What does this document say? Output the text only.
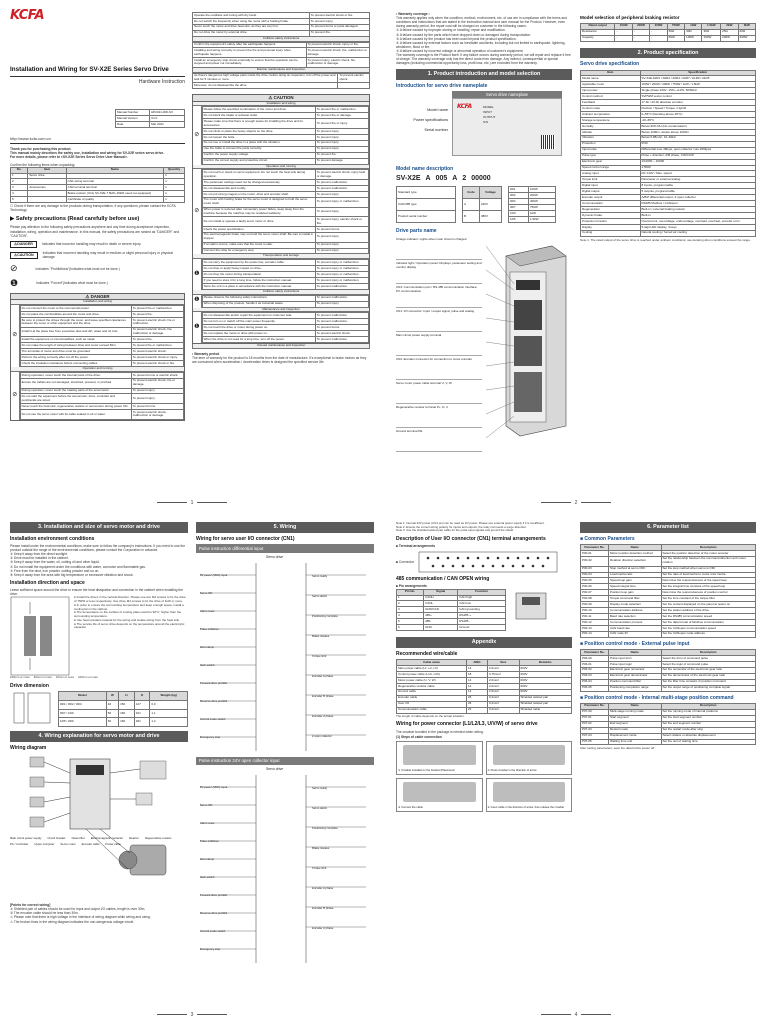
KCFA
Installation and Wiring for SV-X2E Series Servo Drive
Hardware Instruction
Manual Number	HP2021-000-SV
Manual Version	V1.0
Date	Mar 2021
http://www.kcfa.com.cn
Thank you for purchasing this product.
This manual mainly describes the safety use, installation and wiring for SV-X2E series servo drive.
For more details, please refer to <SV-X2E Series Servo Drive User Manual>.
Confirm the following items when unpacking:
No.	Item	Name	Quantity
1	Servo drive		1
2		CN1 wiring terminal	1
3	Accessories	CN2 terminal terminal	1
4		Brake resistor (Only SV-X2E 7.5kW~15kW need not equipped)	1
5		Certificate of quality	1
☐ Check if there are any damage to the products during transportation, if any questions, please contact the KCFA Technology.
▶ Safety precautions (Read carefully before use)
Please pay attention to the following safety precautions anywhere and any time during acceptance inspection, installation, wiring, operation and maintenance. In this manual, the safety precautions are ranked as "DANGER" and "CAUTION".
⚠DANGER	Indicates that incorrect handling may result in death or severe injury.
⚠CAUTION	Indicates that incorrect handling may result in medium or slight personal injury or physical damage.
⊘	Indicates "Prohibitions"(Indicates what must not be done.)
❶	Indicates "Forced"(Indicates what must be done.)
⚠ DANGER
Installation and wiring
⊘
Do not connect the motor to the commercial power.	To prevent fire or malfunction.
Do not place the combustibles around the motor and drive.	To prevent fire.
Be sure to protect the drives through the cover, and leave specified clearances between the cover or other equipment and the drive.	To prevent electric shock, fire or malfunction.
Install it at the place free from excessive dust and dirt, water and oil mist.	To prevent electric shock, fire, malfunction or damage.
Install the equipment on incombustibles, such as metal.	To prevent fire.
Do not make the length of wiring between drive and motor exceed 50m.	To prevent fire or malfunction.
The terminals of motor and drive must be grounded.	To prevent electric shock.
Perform the wiring correctly after cut off the power.	To prevent electric shock or injury.
Check the insulation resistance before connecting cables.	To prevent electric shock or fire.
Operation and running
⊘
During operation, never touch the internal parts of the drive.	To prevent burns or electric shock.
Ensure the cables are not damaged, stretched, pressed, or pinched.	To prevent electric shock, fire or damage.
During operation, never touch the rotating parts of the servomotor.	To prevent injury.
Do not start the equipment before the servomotor, drive, controller and peripherals are wired.	To prevent injury.
Never touch the heat sink, regenerative resistor or servomotor during power ON.	To prevent burns.
Do not use the servo motor with its cable soaked in oil or water.	To prevent electric shock, malfunction or damage.
Operate the oscillator and tuning with dry hand.	To prevent electric shock or fire.
Do not switch the frequently when using the motor with a holding brake.	To prevent injury.
Never touch the motor and drive heat sink, as they are very hot.	To prevent burns or parts damaged.
Do not drive the motor by external drive.	To prevent fire.
Collision safety instructions
Confirm the equipment's safety after the earthquake happens.	To prevent electric shock, injury or fire.
Installing and wiring correctly to prevent the fire and personal injury when earthquake happens.	To prevent electric shock, fire, malfunction or damage.
Install an emergency stop circuit externally to ensure that the operation can be stopped and power cut immediately.	To prevent injury, electric shock, fire, malfunction or damage.
Routine maintenance and inspection
As there's dangerous high voltage parts inside the drive, before doing an inspection, turn off the power and wait for 5 minutes or more.	To prevent electric shock.
Moreover, do not disassemble the drive.	
⚠ CAUTION
Installation and wiring
⊘
Please follow the specified combination of the motor and drive.	To prevent fire or malfunction.
Do not block the intake or exhaust outlet.	To prevent fire or damage.
Please make sure that there is enough space for installing the drive and its accessories.	To prevent fire or injury.
Do not climb or place the heavy objects on the drive.	To prevent injury.
Do not loosen the bolts.	To prevent injury.
Do not use or install the drive in a place with the vibration.	To prevent injury.
Use the cable to connect the parts correctly.	To prevent injury.
Confirm the power supply voltage.	To prevent fire.
Confirm the correct supply and protective circuit.	To prevent damage.
Operation and running
⊘
Do not touch or stand on servo equipment. Do not touch the heat sink during operation.	To prevent electric shock, injury fault or damage.
The parameter settings need not be changed excessively.	To prevent malfunction.
Do not disassemble and modify.	To prevent malfunction.
Do not put strong magnet on the motor, drive and encoder shaft.	To prevent injury.
The motor with holding brake for the servo motor is designed to hold the servo motor shaft.	To prevent injury or malfunction.
When power is restored after momentary power failure, keep away from the machine because the machine may be restarted suddenly.	To prevent injury.
Do not install or operate a faulty servo motor or drive.	To prevent injury, electric shock or fire.
Check the power specification.	To prevent burns.
The electromagnetic brake may not hold the servo motor shaft. Be sure to install a stopper.	To prevent injury.
If an alarm occurs, make sure that the motor is safe.	To prevent injury.
Connect the relay for emergency stop.	To prevent injury.
Transportation and storage
❶
Do not carry the equipment by the power line, encoder cable.	To prevent injury or malfunction.
Do not drop or apply heavy impact on drive.	To prevent injury or malfunction.
Do not drop the motor during transportation.	To prevent injury or malfunction.
If you need to store it for a long time, follow the instruction manual.	To prevent injury or malfunction.
Store the unit in a place in accordance with the instruction manual.	To prevent malfunction.
Collision safety instructions
❶
Please observe the following safety instructions.	To prevent malfunction.
When disposing of the product, handle it as industrial waste.	To prevent injury.
Maintenance and inspection
❶
Do not disassemble and/or repair the equipment on customer side.	To prevent malfunction.
Do not turn on or switch off the main power frequently.	To prevent malfunction.
Do not touch the drive or motor during power on.	To prevent burns.
Do not replace the motor or drive with power on.	To prevent electric shock.
When the drive is not used for a long time, turn off the power.	To prevent malfunction.
Unused maintenance and inspection
• Warranty period
The term of warranty for the product is 18 months from the date of manufacture. It's exceptional to brake motors as they are consumed when acceleration / deceleration times is designed the specified service life.
1
• Warranty coverage •
This warranty applies only when the condition, method, environment, etc. of use are in compliance with the terms and conditions and instructions that are stated in the instruction manual and user manual for the Product. However, even during warranty period, the repair cost will be charged on customer in the following cases:
① A failure caused by improper storing or handling, repair and modification.
② A failure caused by the parts which have dropped down or damaged during transportation.
③ A failure caused by the product has been used beyond the product specification.
④ A failure caused by external factors such as inevitable accidents, including but not limited to earthquake, lightning, windstorm, flood or fire.
⑤ A failure caused by incorrect voltage or abnormal operation of customer's equipment.
The warranty coverage is the Product itself. If any failure occurs during warranty period, we will repair and replace it free of charge. The warranty coverage only has the direct costs from damage. Any indirect, consequential or special damages (including commercial opportunity loss, profit loss, etc.) are excluded from the warranty.
1. Product introduction and model selection
Introduction for servo drive nameplate
Servo drive nameplate
KCFA	MODEL
INPUT
OUTPUT
S/N
Model name
Power specifications
Serial number
Model name description
SV-X2E A 005 A 2 00000
Standard type
CAN/485 type
Product serial number
Code	Voltage
A	220V
B	380V
0R1	100W
0R2	200W
0R4	400W
0R7	750W
1R0	1kW
1R5	1.5kW
Drive parts name
Charge indicator: Lights when main circuit is charged
Indicator light / Operation panel: Displays, parameter setting and monitor display
CN3: Communication port / RS-485 communication interface, PC communication
CN1: I/O connector: Input / output signal, pulse and analog
Main circuit power supply terminal
CN2: Encoder connector for connection to motor encoder
Servo motor power cable terminal U, V, W
Regenerative resistor terminal P+, D, C
Ground terminal PE
Model selection of peripheral braking resistor
Rated output	100W	200W	400W	750W	1kW	1.5kW	2kW	3kW
Resistance	-	-	-	50Ω	40Ω	30Ω	25Ω	20Ω
Capacity	-	-	-	60W	100W	100W	200W	300W
2. Product specification
Servo drive specification
Item	Specification
Model name	SV-X2E A0R1 / A0R2 / A0R4 / A0R7 / A1R0 / A1R5
Applicable motor	100W / 200W / 400W / 750W / 1kW / 1.5kW
Input power	Single phase 220V -15%~+10%, 50/60Hz
Control method	SVPWM vector control
Feedback	17-bit / 23-bit absolute encoder
Control mode	Position / Speed / Torque / Hybrid
Ambient temperature	0~55°C (Derating above 45°C)
Storage temperature	-20~65°C
Humidity	Below 90% RH (No condensation)
Altitude	Below 1000m; derate above 1000m
Vibration	Below 5.88m/s², 10~60Hz
Protection	IP20
Input pulse	Differential max 4Mpps, open collector max 200kpps
Pulse type	Pulse + direction, A/B phase, CW/CCW
Electronic gear	1/10000 ~ 10000
Speed control range	1:5000
Analog input	DC ±10V / Max. speed
Torque limit	Parameter or external analog
Digital input	8 inputs, programmable
Digital output	5 outputs, programmable
Encoder output	A/B/Z differential output, Z open collector
Communication	RS485 Modbus / CANopen
Regeneration	Built-in / external braking resistor
Dynamic brake	Built-in
Protection function	Overcurrent, overvoltage, undervoltage, overload, overheat, encoder error
Display	5-digit LED display, 4 keys
Cooling	Natural cooling / forced air cooling
Note 1: The rated output of the servo drive is reached under ambient conditions; use derating when conditions exceed the range.
2
3. Installation and size of servo motor and drive
Installation environment conditions
Please install under the environmental conditions, make sure to follow the company's instructions. If you need to use the product outside the range of the environmental conditions, please consult the Corporation in advance.
① Keep it away from the direct sunlight.
② Drive must be installed in the cabinet.
③ Keep it away from the water, oil, cutting oil and other liquid.
④ Do not install the equipment under the conditions with water, corrosive and flammable gas.
⑤ Free from the dust, iron powder, cutting powder and so on.
⑥ Keep it away from the area with big temperature or excessive vibration and shock.
Installation direction and space
Leave sufficient space around the drive to ensure the heat dissipation and convection in the cabinet when installing the drive.
● Install the drives in the vertical direction. Please use two M4 screws to fix the drive of 750W or less respectively. Use three M4 screws to fix the drive of 1kW or more.
● In order to ensure the surrounding temperature and keep enough space, install a cooling fan in the cabinet.
● The temperature on the surface of cooling plate could be 90°C; higher than the surrounding temperature.
● Use heat resistant material for the wiring and isolate wiring from the heat sink.
● The service life of servo drive depends on the temperature around the electrolytic capacitor.
100mm or more 40mm or more 10mm or more 100mm or more
Drive dimension
Model	W	H	D	Weight (kg)
0R1 / 0R2 / 0R4	40	150	147	0.9
0R7 / 1R0	50	160	161	1.1
1R5 / 2R0	60	160	181	1.2
4. Wiring explanation for servo motor and drive
Wiring diagram
Main circuit power supply Circuit breaker Noise filter Electromagnetic contactor Reactor Regenerative resistor
PC / Controller Upper computer Servo motor Encoder cable Power cable
[Points for correct wiring]
① Shielded pair of cables should be used for input and output I/O cables, length is over 30m.
② The encoder cable should be less than 30m.
⚠ Please note that there is high voltage in the interface of wiring diagram while wiring and using.
⚠ The broken lines in the wiring diagram indicates the non-dangerous voltage circuit.
5. Wiring
Wiring for servo user I/O connector (CN1)
Pulse instruction differential input
Servo drive
5V power (VDC) input
Servo ON
Alarm reset
Pulse inhibition
Zero clamp
Gain switch
Forward drive prohibit
Reverse drive prohibit
Control mode switch
Emergency stop
Servo ready
Servo alarm
Positioning complete
Brake release
Torque limit
Encoder A phase
Encoder B phase
Encoder Z phase
Z open collector
Pulse instruction 24V open collector input
Servo drive
5V power (VDC) input
Servo ON
Alarm reset
Pulse inhibition
Zero clamp
Gain switch
Forward drive prohibit
Reverse drive prohibit
Control mode switch
Emergency stop
Servo ready
Servo alarm
Positioning complete
Brake release
Torque limit
Encoder A phase
Encoder B phase
Encoder Z phase
3
Note 1: Internal 24V power (CN1 pin) can be used as I/O power. Please use external power supply if it is insufficient.
Note 2: Ensure the correct wiring polarity for inputs and outputs; the relay coil needs a surge absorber.
Note 3: Use the shielded twisted pair cable for the pulse input signals and ground the shield.
Description of User I/O connector (CN1) terminal arrangements
■ Terminal arrangements
■ Connector
485 communication / CAN OPEN wiring
■ Pin arrangements
Pin No.	Signal	Function
1	CANH	CAN high
2	CANL	CAN low
3	GND/CAN	CAN grounding
4	485+	RS485 +
5	485-	RS485 -
6	GND	Ground
Appendix
Recommended wire/cable
Cable name	AWG	Size	Remarks
Main power cable (L1, L2, L3)	14	2.0mm²	600V
Control power cable (L1C, L2C)	18	0.75mm²	600V
Motor power cable (U, V, W)	14	2.0mm²	600V
Regenerative resistor cable	14	2.0mm²	600V
Ground cable	14	2.0mm²	600V
Encoder cable	26	0.2mm²	Shielded twisted pair
User I/O	26	0.2mm²	Shielded twisted pair
Communication cable	24	0.2mm²	Shielded cable
The length of cable depends on the actual situation.
Wiring for power connector (L1/L2/L3, U/V/W) of servo drive
The crowbar bundled in the package is needed when wiring.
(1) Steps of cable connection
① Crowbar installed on the bracket (Placement)	② Press crowbar in the direction of arrow
③ Connect the cable	④ Insert cable in the direction of arrow, then release the crowbar
6. Parameter list
■ Common Parameters
Parameter No.	Name	Description
P00-01	Motor position detection method	Select the position detection of the motor encoder
P00-02	Rotation direction selection	Set the relationship between the command direction and motor rotation
P00-03	Stop method at servo OFF	Set the stop method when servo is OFF
P00-04	Load inertia ratio	Set the ratio of load inertia to motor rotor inertia
P00-05	Speed loop gain	Determine the responsiveness of the speed loop
P00-06	Speed integral time	Set the integral time constant of the speed loop
P00-07	Position loop gain	Determine the responsiveness of position control
P00-08	Torque command filter	Set the time constant of the torque filter
P00-09	Display mode selection	Set the content displayed on the panel at power on
P00-10	Communication address	Set the station address of the drive
P00-11	Baud rate selection	Set the RS485 communication speed
P00-12	Communication protocol	Set the data format of Modbus communication
P00-13	CAN baud rate	Set the CANopen communication speed
P00-14	CAN node ID	Set the CANopen node address
■ Position control mode - External pulse input
Parameter No.	Name	Description
P06-00	Pulse input form	Select the form of command pulse
P06-01	Pulse input logic	Select the logic of command pulse
P06-02	Electronic gear numerator	Set the numerator of the electronic gear ratio
P06-03	Electronic gear denominator	Set the denominator of the electronic gear ratio
P06-04	Position command filter	Set the filter time constant of position command
P06-05	Positioning completion range	Set the output range of positioning complete signal
■ Position control mode - Internal multi-stage position command
Parameter No.	Name	Description
P07-00	Multi-stage running mode	Set the running mode of internal positions
P07-01	Start segment	Set the start segment number
P07-02	End segment	Set the end segment number
P07-03	Restart mode	Set the restart mode after stop
P07-04	Displacement mode	Select relative or absolute displacement
P07-05	Waiting time unit	Set the unit of waiting time
After setting parameters, save the data before power off.
4
